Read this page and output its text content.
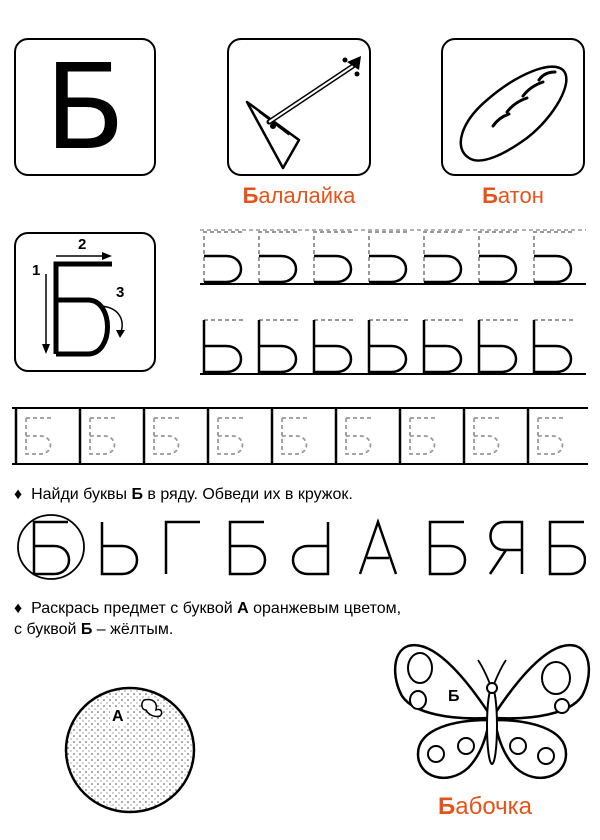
Б
Балалайка	Батон
1
2
3
♦ Найди буквы Б в ряду. Обведи их в кружок.
♦ Раскрась предмет с буквой А оранжевым цветом,
с буквой Б – жёлтым.
А
Б
Бабочка
